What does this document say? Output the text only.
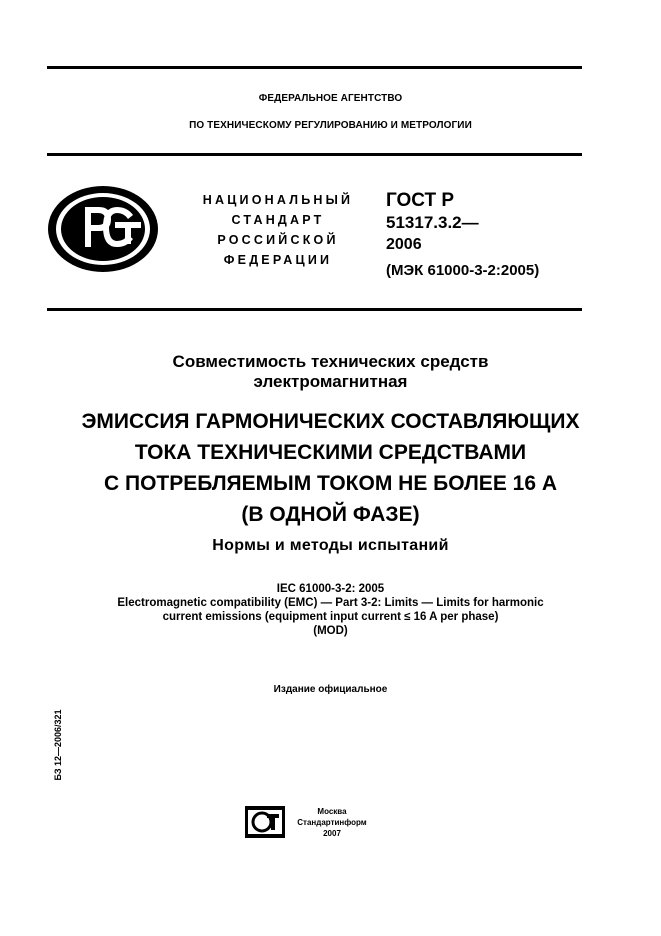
ФЕДЕРАЛЬНОЕ АГЕНТСТВО
ПО ТЕХНИЧЕСКОМУ РЕГУЛИРОВАНИЮ И МЕТРОЛОГИИ
НАЦИОНАЛЬНЫЙ
СТАНДАРТ
РОССИЙСКОЙ
ФЕДЕРАЦИИ
ГОСТ Р
51317.3.2—
2006
(МЭК 61000-3-2:2005)
Совместимость технических средств
электромагнитная
ЭМИССИЯ ГАРМОНИЧЕСКИХ СОСТАВЛЯЮЩИХ
ТОКА ТЕХНИЧЕСКИМИ СРЕДСТВАМИ
С ПОТРЕБЛЯЕМЫМ ТОКОМ НЕ БОЛЕЕ 16 А
(В ОДНОЙ ФАЗЕ)
Нормы и методы испытаний
IEC 61000-3-2: 2005
Electromagnetic compatibility (EMC) — Part 3-2: Limits — Limits for harmonic
current emissions (equipment input current ≤ 16 A per phase)
(MOD)
Издание официальное
БЗ 12—2006/321
Москва
Стандартинформ
2007
